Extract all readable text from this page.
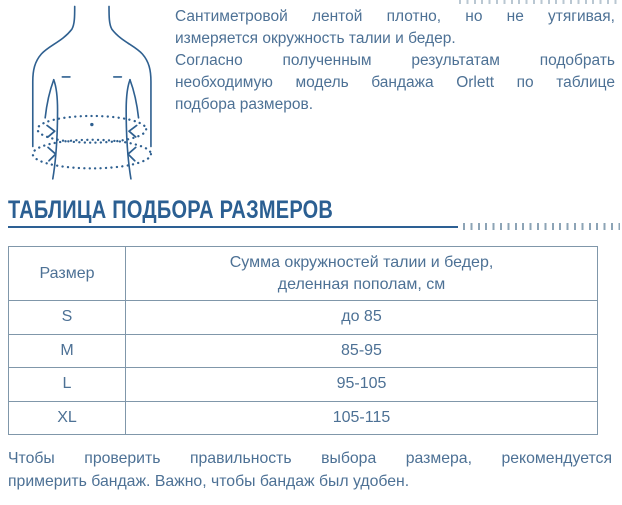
Сантиметровой лентой плотно, но не утягивая,
измеряется окружность талии и бедер.

Согласно полученным результатам подобрать
необходимую модель бандажа Orlett по таблице
подбора размеров.

ТАБЛИЦА ПОДБОРА РАЗМЕРОВ
Размер	Сумма окружностей талии и бедер, деленная пополам, см
S	до 85
M	85-95
L	95-105
XL	105-115

Чтобы проверить правильность выбора размера, рекомендуется
примерить бандаж. Важно, чтобы бандаж был удобен.
